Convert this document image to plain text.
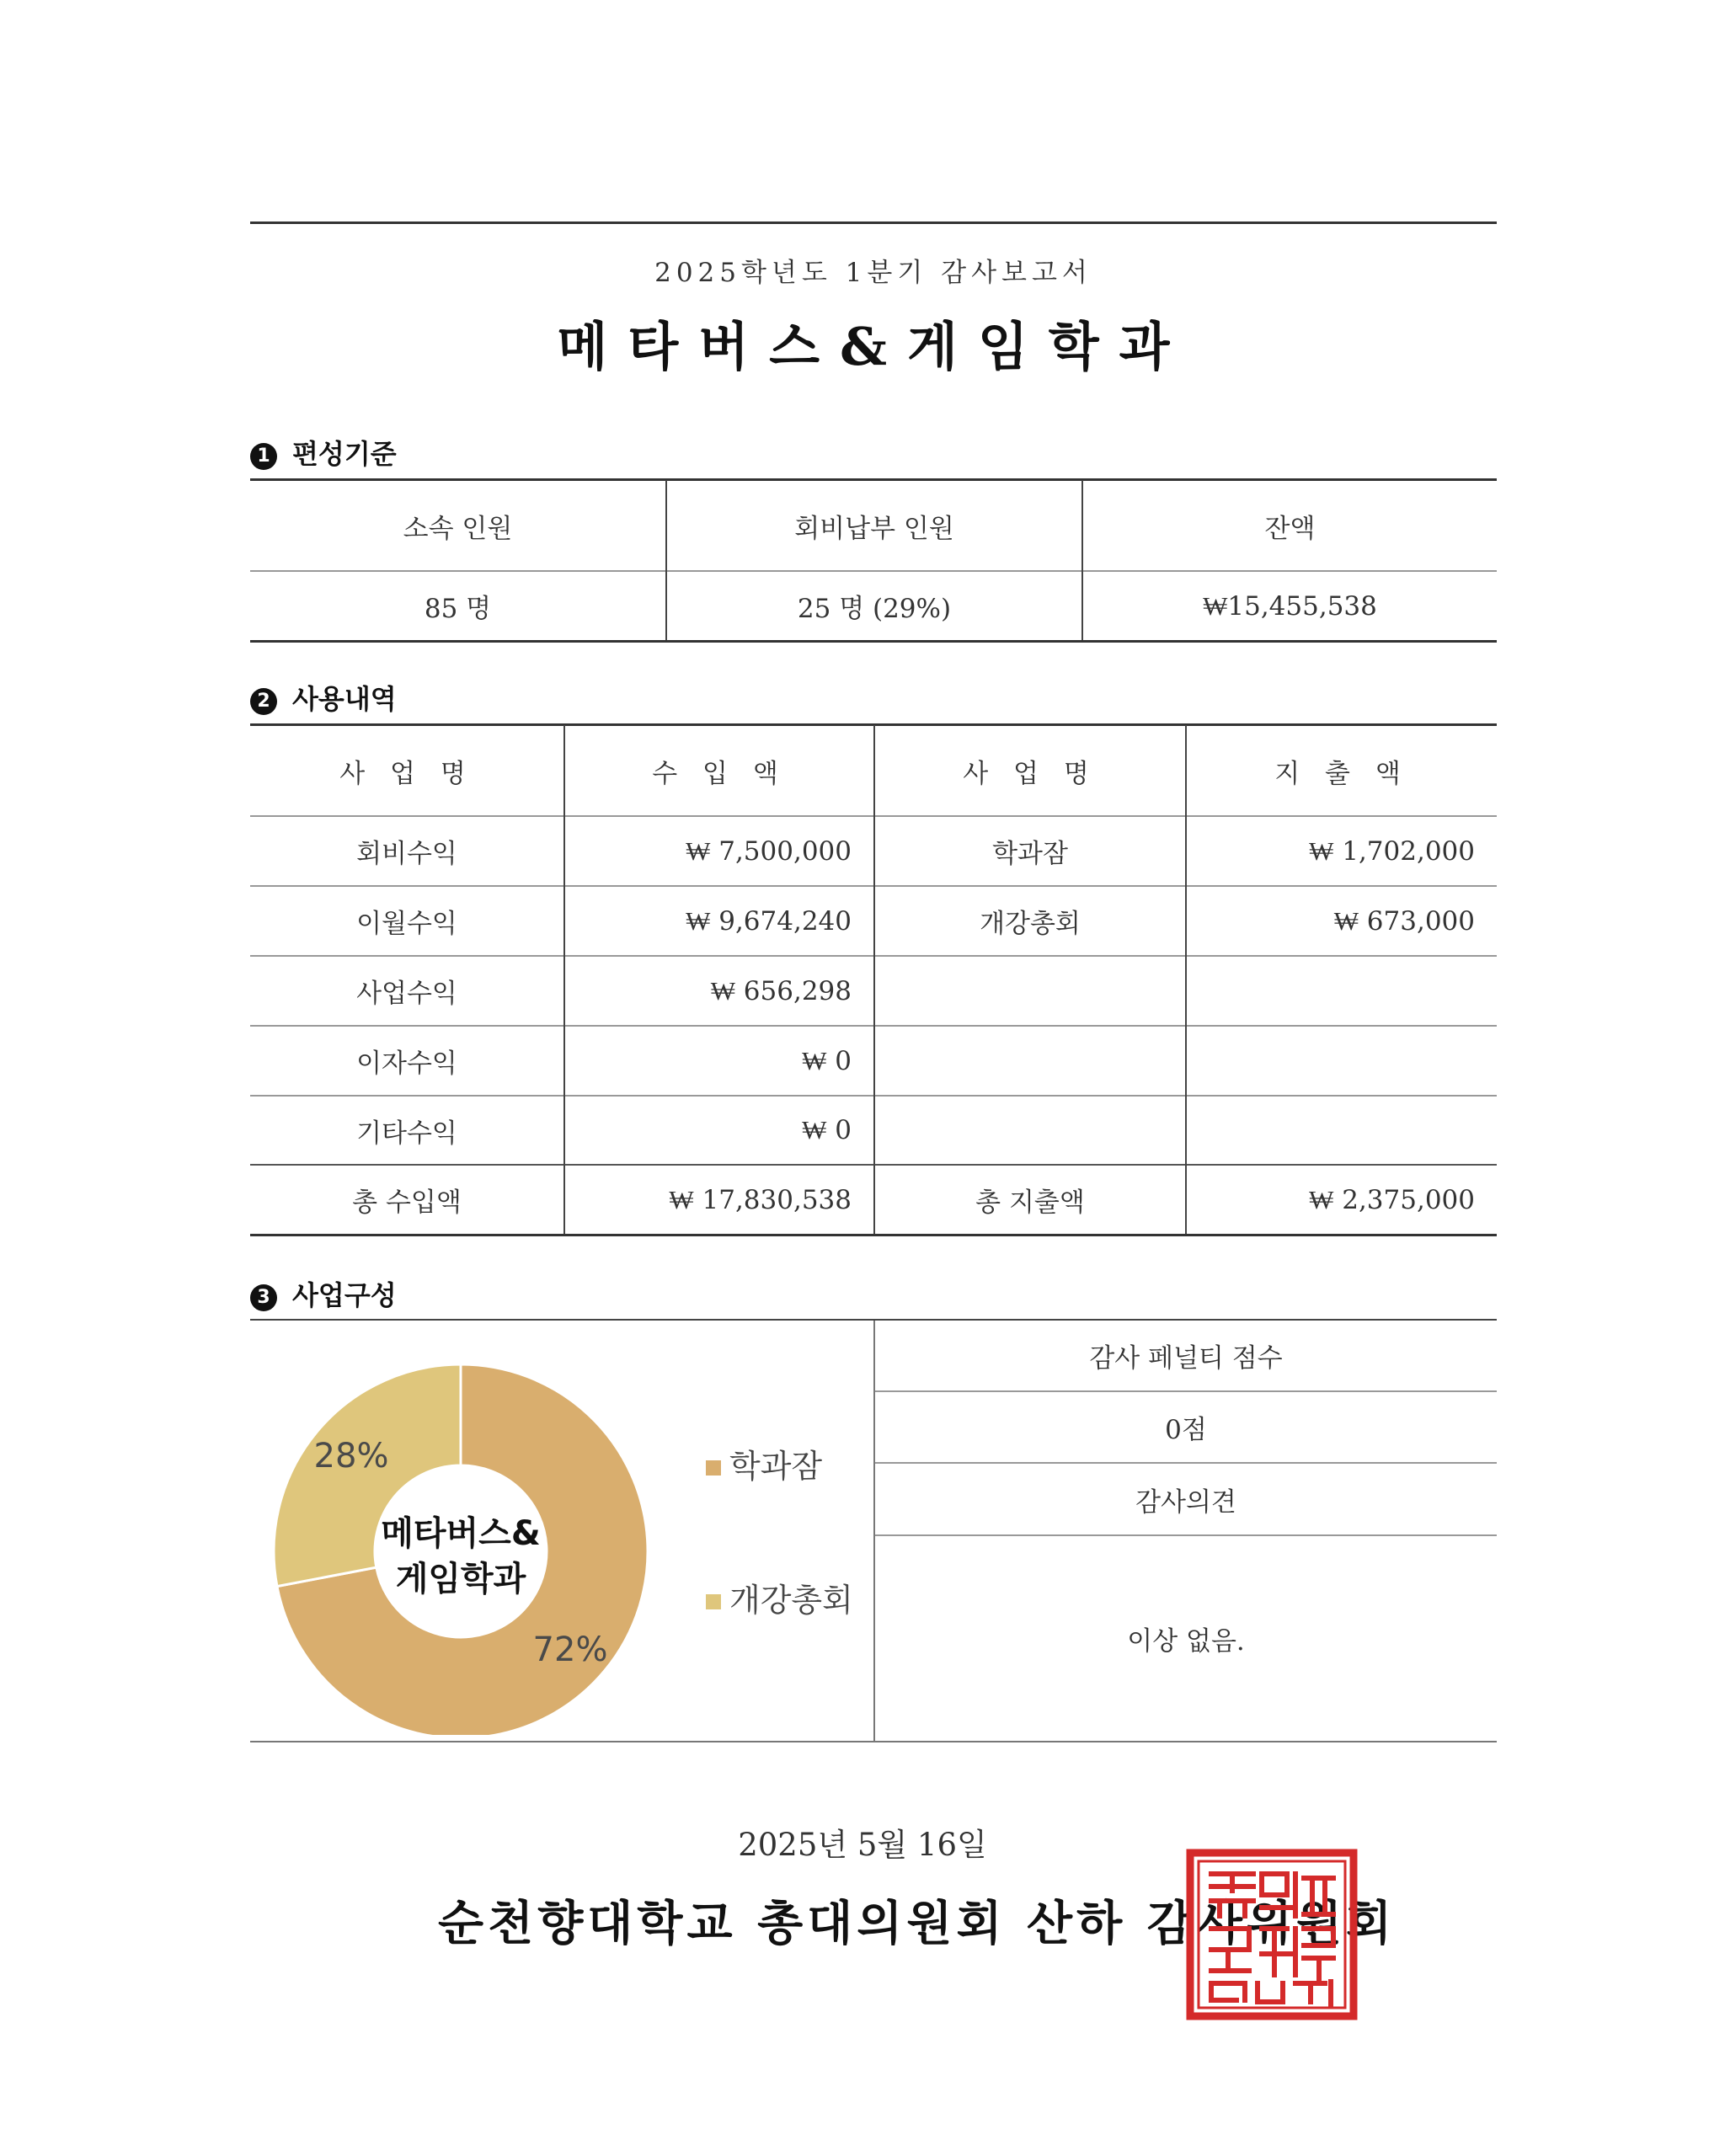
2025학년도 1분기 감사보고서
메타버스&게임학과
1 편성기준
소속 인원	회비납부 인원	잔액
85 명	25 명 (29%)	₩15,455,538
2 사용내역
사 업 명	수 입 액	사 업 명	지 출 액
회비수익	₩ 7,500,000	학과잠	₩ 1,702,000
이월수익	₩ 9,674,240	개강총회	₩ 673,000
사업수익	₩ 656,298
이자수익	₩ 0
기타수익	₩ 0
총 수입액	₩ 17,830,538	총 지출액	₩ 2,375,000
3 사업구성
감사 페널티 점수
0점
감사의견
이상 없음.
메타버스&
게임학과
72%
28%	학과잠
개강총회
2025년 5월 16일
순천향대학교 총대의원회 산하 감사위원회
